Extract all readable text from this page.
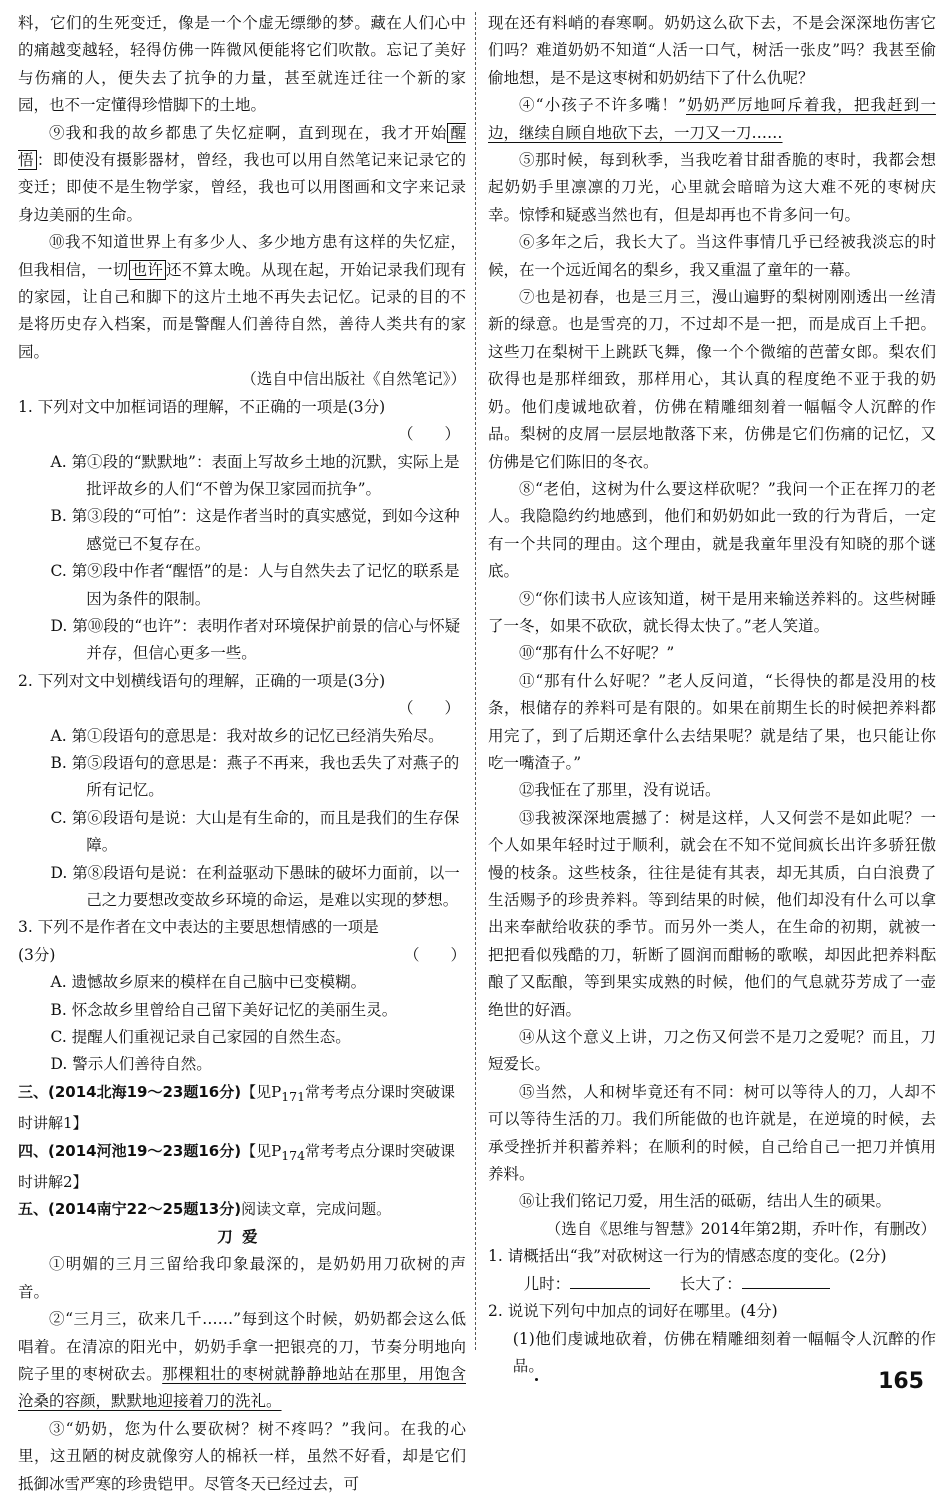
料，它们的生死变迁，像是一个个虚无缥缈的梦。藏在人们心中的痛越变越轻，轻得仿佛一阵微风便能将它们吹散。忘记了美好与伤痛的人，便失去了抗争的力量，甚至就连迁往一个新的家园，也不一定懂得珍惜脚下的土地。
⑨我和我的故乡都患了失忆症啊，直到现在，我才开始 醒悟 ：即使没有摄影器材，曾经，我也可以用自然笔记来记录它的变迁；即使不是生物学家，曾经，我也可以用图画和文字来记录身边美丽的生命。
⑩我不知道世界上有多少人、多少地方患有这样的失忆症，但我相信，一切 也许 还不算太晚。从现在起，开始记录我们现有的家园，让自己和脚下的这片土地不再失去记忆。记录的目的不是将历史存入档案，而是警醒人们善待自然，善待人类共有的家园。
（选自中信出版社《自然笔记》）
1. 下列对文中加框词语的理解，不正确的一项是(3分)
（　　）
A. 第①段的“默默地”：表面上写故乡土地的沉默，实际上是批评故乡的人们“不曾为保卫家园而抗争”。
B. 第③段的“可怕”：这是作者当时的真实感觉，到如今这种感觉已不复存在。
C. 第⑨段中作者“醒悟”的是：人与自然失去了记忆的联系是因为条件的限制。
D. 第⑩段的“也许”：表明作者对环境保护前景的信心与怀疑并存，但信心更多一些。
2. 下列对文中划横线语句的理解，正确的一项是(3分)
（　　）
A. 第①段语句的意思是：我对故乡的记忆已经消失殆尽。
B. 第⑤段语句的意思是：燕子不再来，我也丢失了对燕子的所有记忆。
C. 第⑥段语句是说：大山是有生命的，而且是我们的生存保障。
D. 第⑧段语句是说：在利益驱动下愚昧的破坏力面前，以一己之力要想改变故乡环境的命运，是难以实现的梦想。
3. 下列不是作者在文中表达的主要思想情感的一项是
(3分)	（　　）
A. 遗憾故乡原来的模样在自己脑中已变模糊。
B. 怀念故乡里曾给自己留下美好记忆的美丽生灵。
C. 提醒人们重视记录自己家园的自然生态。
D. 警示人们善待自然。
三、(2014北海19～23题16分)【见$P_{171}$常考考点分课时突破课时讲解1】
四、(2014河池19～23题16分)【见$P_{174}$常考考点分课时突破课时讲解2】
五、(2014南宁22～25题13分)阅读文章，完成问题。
刀爱
①明媚的三月三留给我印象最深的，是奶奶用刀砍树的声音。
②“三月三，砍来几千……”每到这个时候，奶奶都会这么低唱着。在清凉的阳光中，奶奶手拿一把银亮的刀，节奏分明地向院子里的枣树砍去。那棵粗壮的枣树就静静地站在那里，用饱含沧桑的容颜，默默地迎接着刀的洗礼。
③“奶奶，您为什么要砍树？树不疼吗？”我问。在我的心里，这丑陋的树皮就像穷人的棉袄一样，虽然不好看，却是它们抵御冰雪严寒的珍贵铠甲。尽管冬天已经过去，可
现在还有料峭的春寒啊。奶奶这么砍下去，不是会深深地伤害它们吗？难道奶奶不知道“人活一口气，树活一张皮”吗？我甚至偷偷地想，是不是这枣树和奶奶结下了什么仇呢？
④“小孩子不许多嘴！”奶奶严厉地呵斥着我，把我赶到一边，继续自顾自地砍下去，一刀又一刀……
⑤那时候，每到秋季，当我吃着甘甜香脆的枣时，我都会想起奶奶手里凛凛的刀光，心里就会暗暗为这大难不死的枣树庆幸。惊悸和疑惑当然也有，但是却再也不肯多问一句。
⑥多年之后，我长大了。当这件事情几乎已经被我淡忘的时候，在一个远近闻名的梨乡，我又重温了童年的一幕。
⑦也是初春，也是三月三，漫山遍野的梨树刚刚透出一丝清新的绿意。也是雪亮的刀，不过却不是一把，而是成百上千把。这些刀在梨树干上跳跃飞舞，像一个个微缩的芭蕾女郎。梨农们砍得也是那样细致，那样用心，其认真的程度绝不亚于我的奶奶。他们虔诚地砍着，仿佛在精雕细刻着一幅幅令人沉醉的作品。梨树的皮屑一层层地散落下来，仿佛是它们伤痛的记忆，又仿佛是它们陈旧的冬衣。
⑧“老伯，这树为什么要这样砍呢？”我问一个正在挥刀的老人。我隐隐约约地感到，他们和奶奶如此一致的行为背后，一定有一个共同的理由。这个理由，就是我童年里没有知晓的那个谜底。
⑨“你们读书人应该知道，树干是用来输送养料的。这些树睡了一冬，如果不砍砍，就长得太快了。”老人笑道。
⑩“那有什么不好呢？”
⑪“那有什么好呢？”老人反问道，“长得快的都是没用的枝条，根储存的养料可是有限的。如果在前期生长的时候把养料都用完了，到了后期还拿什么去结果呢？就是结了果，也只能让你吃一嘴渣子。”
⑫我怔在了那里，没有说话。
⑬我被深深地震撼了：树是这样，人又何尝不是如此呢？一个人如果年轻时过于顺利，就会在不知不觉间疯长出许多骄狂傲慢的枝条。这些枝条，往往是徒有其表，却无其质，白白浪费了生活赐予的珍贵养料。等到结果的时候，他们却没有什么可以拿出来奉献给收获的季节。而另外一类人，在生命的初期，就被一把把看似残酷的刀，斩断了圆润而酣畅的歌喉，却因此把养料酝酿了又酝酿，等到果实成熟的时候，他们的气息就芬芳成了一壶绝世的好酒。
⑭从这个意义上讲，刀之伤又何尝不是刀之爱呢？而且，刀短爱长。
⑮当然，人和树毕竟还有不同：树可以等待人的刀，人却不可以等待生活的刀。我们所能做的也许就是，在逆境的时候，去承受挫折并积蓄养料；在顺利的时候，自己给自己一把刀并慎用养料。
⑯让我们铭记刀爱，用生活的砥砺，结出人生的硕果。
（选自《思维与智慧》2014年第2期，乔叶作，有删改）
1. 请概括出“我”对砍树这一行为的情感态度的变化。(2分)
儿时：	长大了：
2. 说说下列句中加点的词好在哪里。(4分)
(1)他们虔诚地砍着，仿佛在精雕细刻着一幅幅令人沉醉的作品。
165
